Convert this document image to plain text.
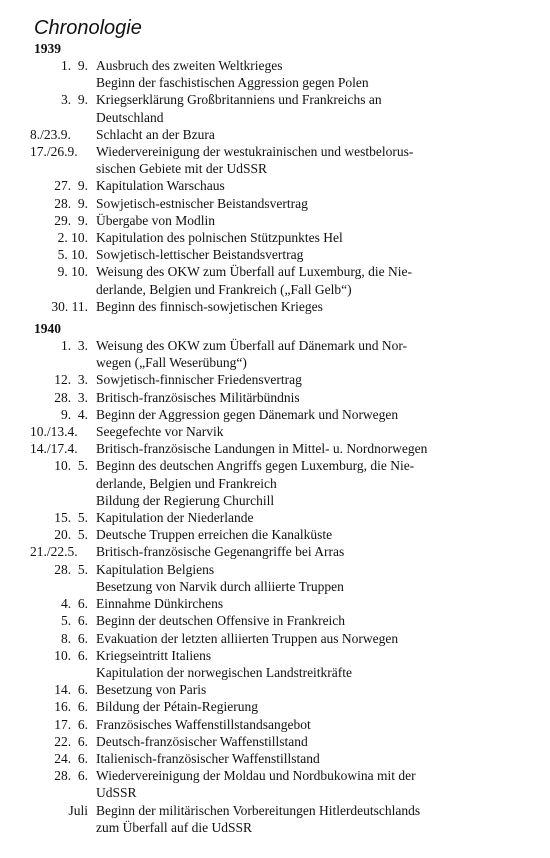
Chronologie
1939
1.  9. Ausbruch des zweiten Weltkrieges
Beginn der faschistischen Aggression gegen Polen
3.  9. Kriegserklärung Großbritanniens und Frankreichs an
Deutschland
8./23.9.	Schlacht an der Bzura
17./26.9.	Wiedervereinigung der westukrainischen und westbelorus-
sischen Gebiete mit der UdSSR
27.  9. Kapitulation Warschaus
28.  9. Sowjetisch-estnischer Beistandsvertrag
29.  9. Übergabe von Modlin
2. 10. Kapitulation des polnischen Stützpunktes Hel
5. 10. Sowjetisch-lettischer Beistandsvertrag
9. 10. Weisung des OKW zum Überfall auf Luxemburg, die Nie-
derlande, Belgien und Frankreich („Fall Gelb“)
30. 11. Beginn des finnisch-sowjetischen Krieges
1940
1.  3. Weisung des OKW zum Überfall auf Dänemark und Nor-
wegen („Fall Weserübung“)
12.  3. Sowjetisch-finnischer Friedensvertrag
28.  3. Britisch-französisches Militärbündnis
9.  4. Beginn der Aggression gegen Dänemark und Norwegen
10./13.4.	Seegefechte vor Narvik
14./17.4.	Britisch-französische Landungen in Mittel- u. Nordnorwegen
10.  5. Beginn des deutschen Angriffs gegen Luxemburg, die Nie-
derlande, Belgien und Frankreich
Bildung der Regierung Churchill
15.  5. Kapitulation der Niederlande
20.  5. Deutsche Truppen erreichen die Kanalküste
21./22.5.	Britisch-französische Gegenangriffe bei Arras
28.  5. Kapitulation Belgiens
Besetzung von Narvik durch alliierte Truppen
4.  6. Einnahme Dünkirchens
5.  6. Beginn der deutschen Offensive in Frankreich
8.  6. Evakuation der letzten alliierten Truppen aus Norwegen
10.  6. Kriegseintritt Italiens
Kapitulation der norwegischen Landstreitkräfte
14.  6. Besetzung von Paris
16.  6. Bildung der Pétain-Regierung
17.  6. Französisches Waffenstillstandsangebot
22.  6. Deutsch-französischer Waffenstillstand
24.  6. Italienisch-französischer Waffenstillstand
28.  6. Wiedervereinigung der Moldau und Nordbukowina mit der
UdSSR
Juli Beginn der militärischen Vorbereitungen Hitlerdeutschlands
zum Überfall auf die UdSSR
